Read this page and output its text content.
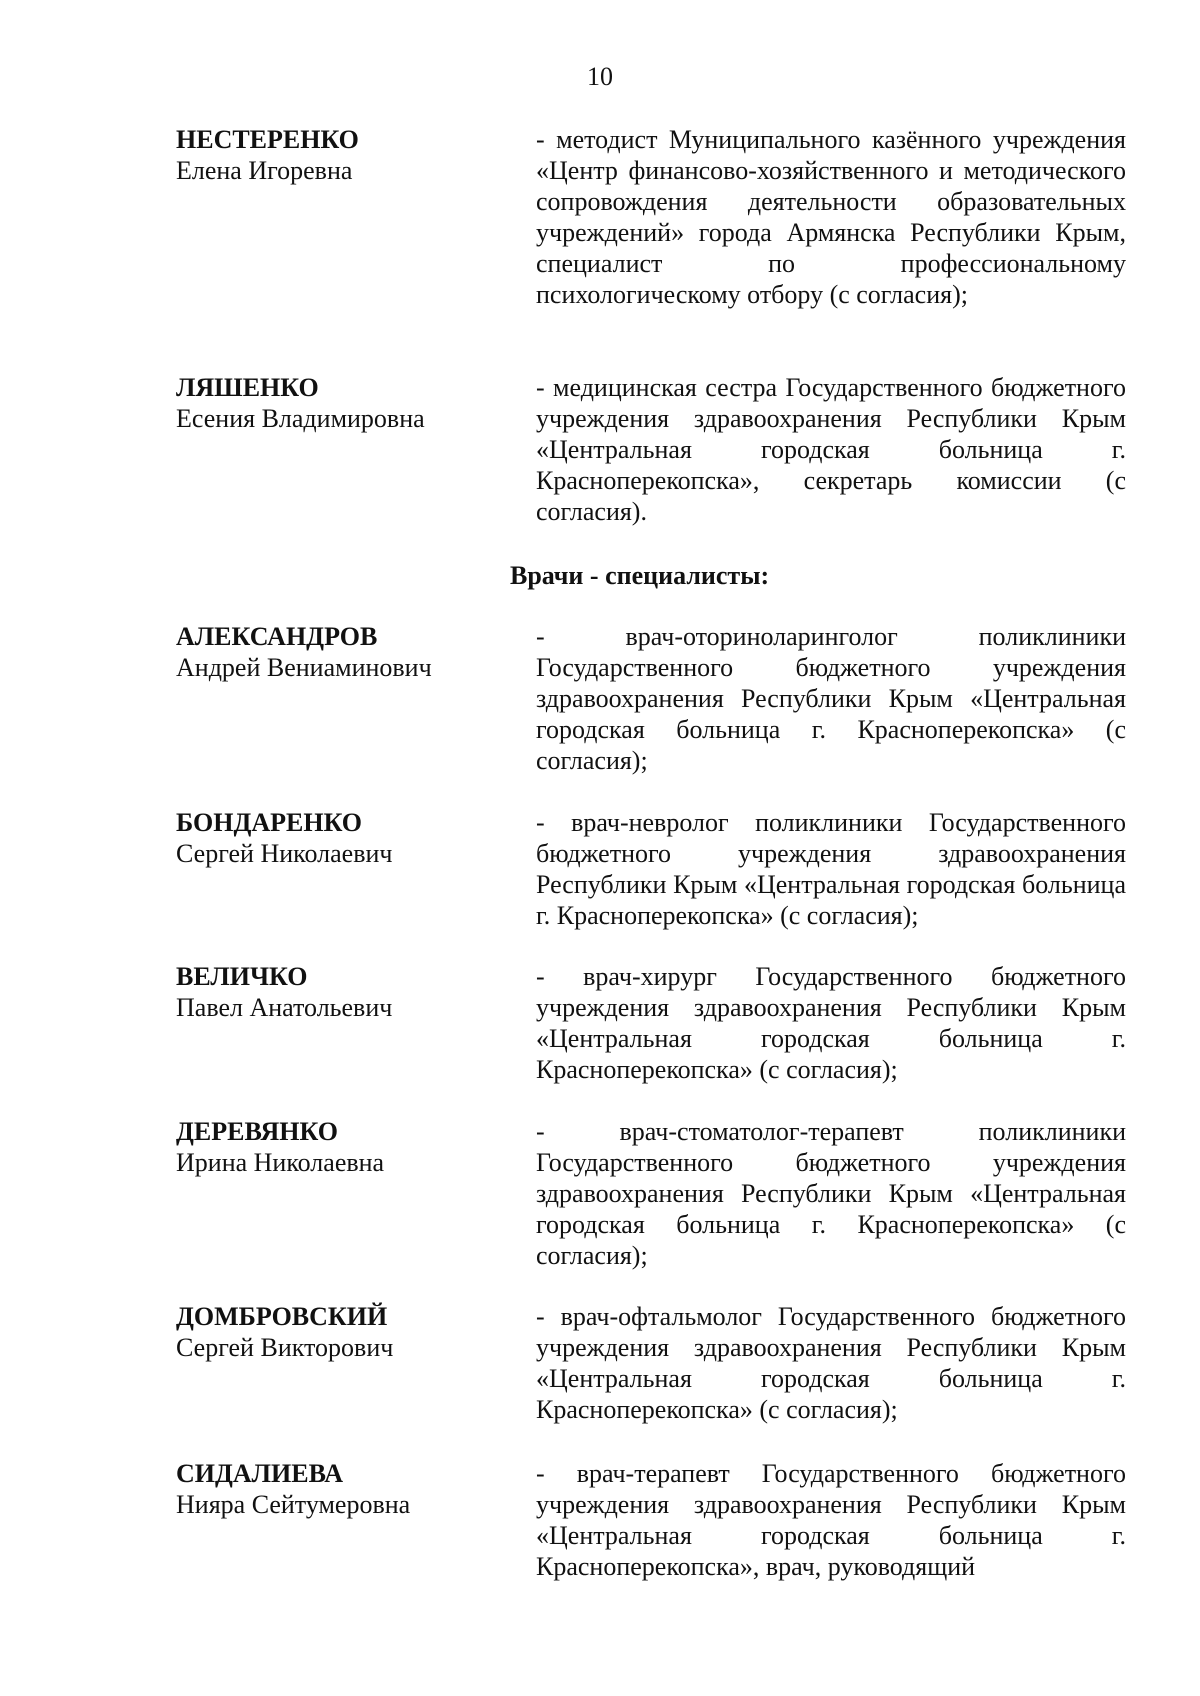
10
НЕСТЕРЕНКО
Елена Игоревна

- методист Муниципального казённого учреждения «Центр финансово-хозяйственного и методического сопровождения деятельности образовательных учреждений» города Армянска Республики Крым, специалист по профессиональному психологическому отбору (с согласия);

ЛЯШЕНКО
Есения Владимировна

- медицинская сестра Государственного бюджетного учреждения здравоохранения Республики Крым «Центральная городская больница г. Красноперекопска», секретарь комиссии (с согласия).

Врачи - специалисты:
АЛЕКСАНДРОВ
Андрей Вениаминович

- врач-оториноларинголог поликлиники Государственного бюджетного учреждения здравоохранения Республики Крым «Центральная городская больница г. Красноперекопска» (с согласия);

БОНДАРЕНКО
Сергей Николаевич

- врач-невролог поликлиники Государственного бюджетного учреждения здравоохранения Республики Крым «Центральная городская больница г. Красноперекопска» (с согласия);

ВЕЛИЧКО
Павел Анатольевич

- врач-хирург Государственного бюджетного учреждения здравоохранения Республики Крым «Центральная городская больница г. Красноперекопска» (с согласия);

ДЕРЕВЯНКО
Ирина Николаевна

- врач-стоматолог-терапевт поликлиники Государственного бюджетного учреждения здравоохранения Республики Крым «Центральная городская больница г. Красноперекопска» (с согласия);

ДОМБРОВСКИЙ
Сергей Викторович

- врач-офтальмолог Государственного бюджетного учреждения здравоохранения Республики Крым «Центральная городская больница г. Красноперекопска» (с согласия);

СИДАЛИЕВА
Нияра Сейтумеровна

- врач-терапевт Государственного бюджетного учреждения здравоохранения Республики Крым «Центральная городская больница г. Красноперекопска», врач, руководящий
